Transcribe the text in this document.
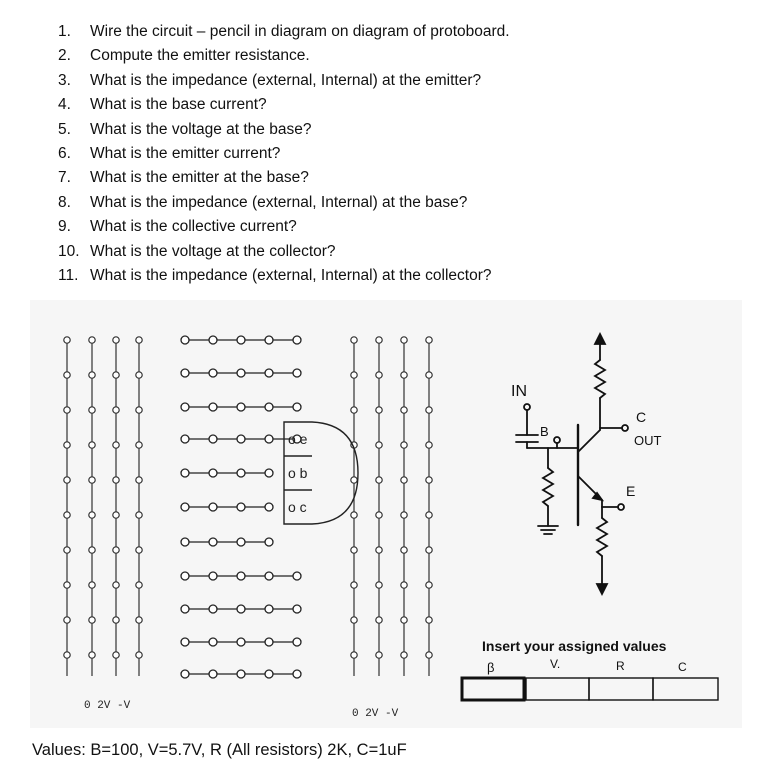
1. Wire the circuit – pencil in diagram on diagram of protoboard.
2. Compute the emitter resistance.
3. What is the impedance (external, Internal) at the emitter?
4. What is the base current?
5. What is the voltage at the base?
6. What is the emitter current?
7. What is the emitter at the base?
8. What is the impedance (external, Internal) at the base?
9. What is the collective current?
10. What is the voltage at the collector?
11. What is the impedance (external, Internal) at the collector?
o e
o b
o c
0 2V -V
0 2V -V
IN
B
C
OUT
E
Insert your assigned values
β	V.	R	C
Values: B=100, V=5.7V, R (All resistors) 2K, C=1uF
